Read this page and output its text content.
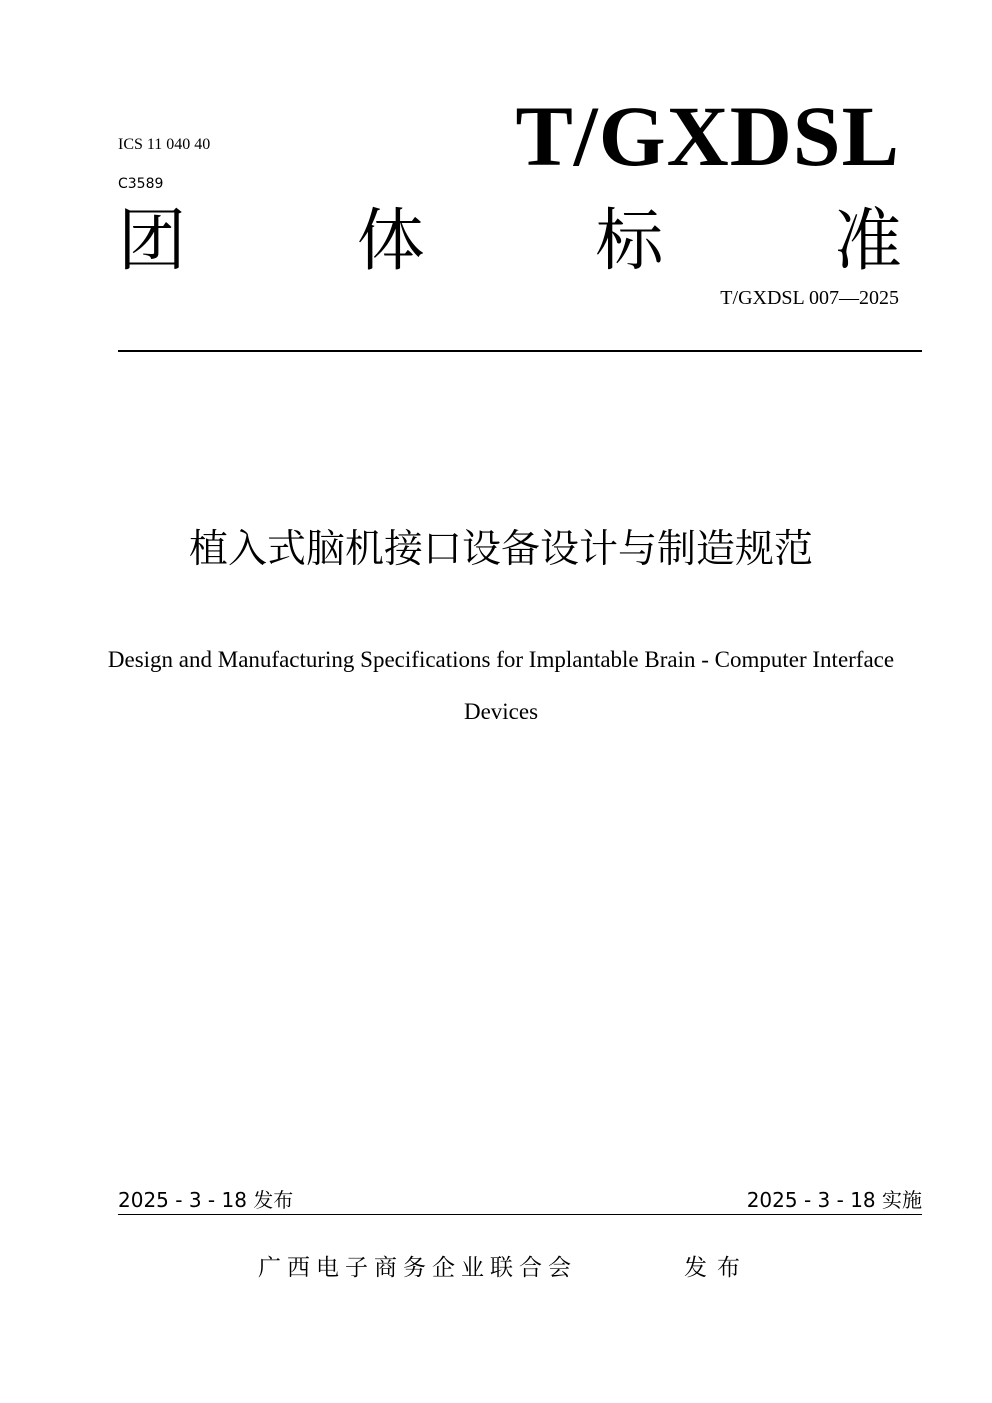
ICS 11 040 40
C3589	T/GXDSL
团	体	标	准
T/GXDSL 007—2025
植入式脑机接口设备设计与制造规范
Design and Manufacturing Specifications for Implantable Brain - Computer Interface
Devices
2025 - 3 - 18 发布	2025 - 3 - 18 实施
广西电子商务企业联合会	发布
